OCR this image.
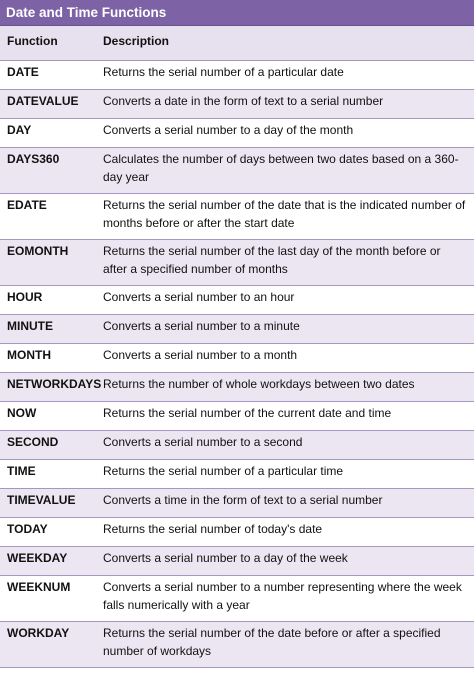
Date and Time Functions
Function	Description
DATE	Returns the serial number of a particular date
DATEVALUE	Converts a date in the form of text to a serial number
DAY	Converts a serial number to a day of the month
DAYS360	Calculates the number of days between two dates based on a 360-day year
EDATE	Returns the serial number of the date that is the indicated number of months before or after the start date
EOMONTH	Returns the serial number of the last day of the month before or after a specified number of months
HOUR	Converts a serial number to an hour
MINUTE	Converts a serial number to a minute
MONTH	Converts a serial number to a month
NETWORKDAYS Returns the number of whole workdays between two dates
NOW	Returns the serial number of the current date and time
SECOND	Converts a serial number to a second
TIME	Returns the serial number of a particular time
TIMEVALUE	Converts a time in the form of text to a serial number
TODAY	Returns the serial number of today's date
WEEKDAY	Converts a serial number to a day of the week
WEEKNUM	Converts a serial number to a number representing where the week falls numerically with a year
WORKDAY	Returns the serial number of the date before or after a specified number of workdays
